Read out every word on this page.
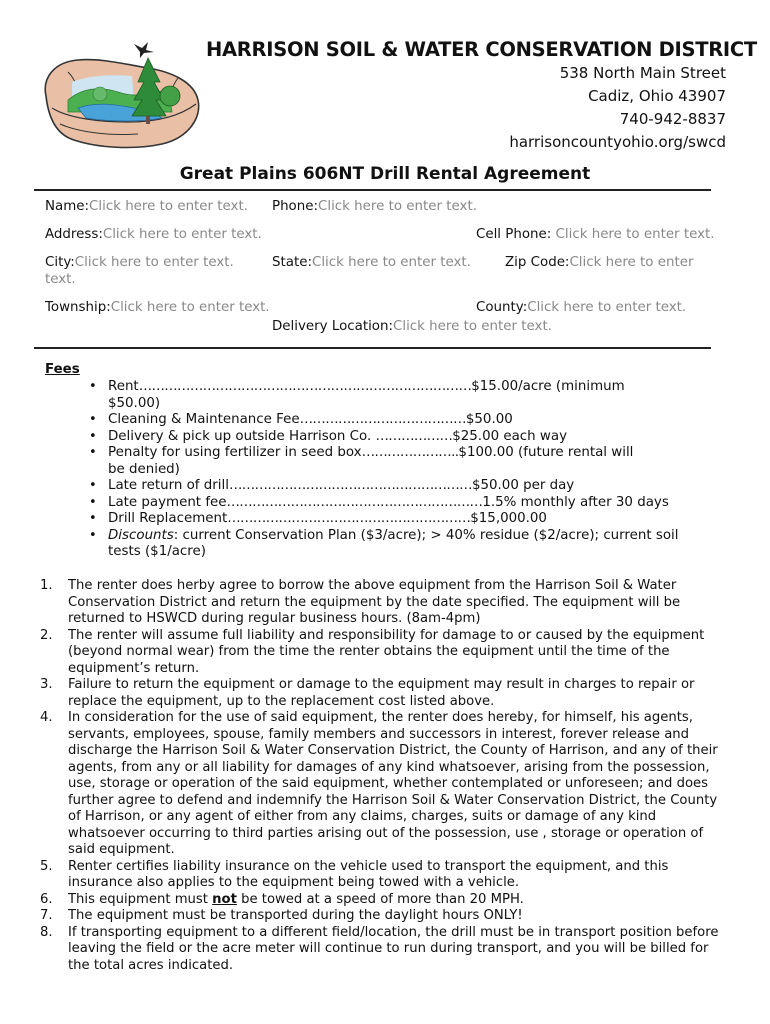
HARRISON SOIL & WATER CONSERVATION DISTRICT
538 North Main Street
Cadiz, Ohio 43907
740-942-8837
harrisoncountyohio.org/swcd
Great Plains 606NT Drill Rental Agreement
Name:Click here to enter text. Phone:Click here to enter text.
Address:Click here to enter text.	Cell Phone: Click here to enter text.
City:Click here to enter text.	State:Click here to enter text.	Zip Code:Click here to enter
text.
Township:Click here to enter text.	County:Click here to enter text.
Delivery Location:Click here to enter text.
Fees
• Rent……………………………………………………………………$15.00/acre (minimum
$50.00)
• Cleaning & Maintenance Fee…………………………………$50.00
• Delivery & pick up outside Harrison Co. ………………$25.00 each way
• Penalty for using fertilizer in seed box…………………..$100.00 (future rental will
be denied)
• Late return of drill…………………………………………………$50.00 per day
• Late payment fee……………………………………………………1.5% monthly after 30 days
• Drill Replacement…………………………………………………$15,000.00
• Discounts: current Conservation Plan ($3/acre); > 40% residue ($2/acre); current soil
tests ($1/acre)
1. The renter does herby agree to borrow the above equipment from the Harrison Soil & Water Conservation District and return the equipment by the date specified. The equipment will be returned to HSWCD during regular business hours. (8am-4pm)
2. The renter will assume full liability and responsibility for damage to or caused by the equipment (beyond normal wear) from the time the renter obtains the equipment until the time of the equipment’s return.
3. Failure to return the equipment or damage to the equipment may result in charges to repair or replace the equipment, up to the replacement cost listed above.
4. In consideration for the use of said equipment, the renter does hereby, for himself, his agents, servants, employees, spouse, family members and successors in interest, forever release and discharge the Harrison Soil & Water Conservation District, the County of Harrison, and any of their agents, from any or all liability for damages of any kind whatsoever, arising from the possession, use, storage or operation of the said equipment, whether contemplated or unforeseen; and does further agree to defend and indemnify the Harrison Soil & Water Conservation District, the County of Harrison, or any agent of either from any claims, charges, suits or damage of any kind whatsoever occurring to third parties arising out of the possession, use , storage or operation of said equipment.
5. Renter certifies liability insurance on the vehicle used to transport the equipment, and this insurance also applies to the equipment being towed with a vehicle.
6. This equipment must not be towed at a speed of more than 20 MPH.
7. The equipment must be transported during the daylight hours ONLY!
8. If transporting equipment to a different field/location, the drill must be in transport position before leaving the field or the acre meter will continue to run during transport, and you will be billed for the total acres indicated.
